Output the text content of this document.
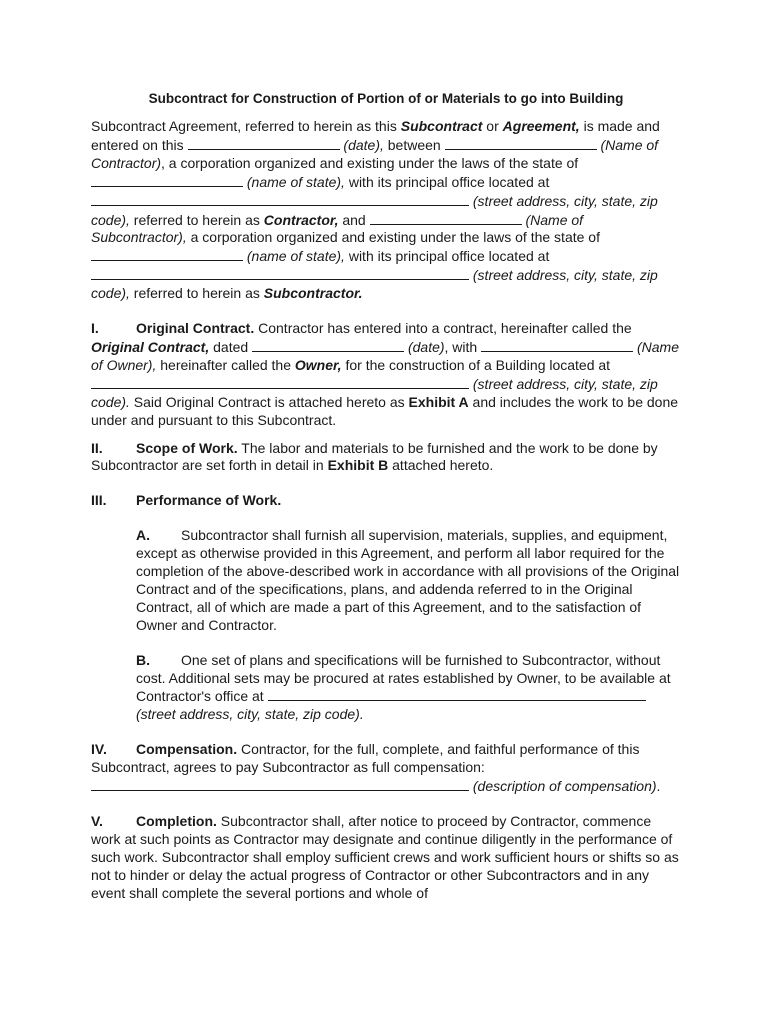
Subcontract for Construction of Portion of or Materials to go into Building

Subcontract Agreement, referred to herein as this Subcontract or Agreement, is made and entered on this	(date), between	(Name of Contractor), a corporation organized and existing under the laws of the state of  (name of state), with its principal office located at  (street address, city, state, zip code), referred to herein as Contractor, and	(Name of Subcontractor), a corporation organized and existing under the laws of the state of  (name of state), with its principal office located at  (street address, city, state, zip code), referred to herein as Subcontractor.

I.	Original Contract. Contractor has entered into a contract, hereinafter called the Original Contract, dated	(date), with	(Name of Owner), hereinafter called the Owner, for the construction of a Building located at  (street address, city, state, zip code). Said Original Contract is attached hereto as Exhibit A and includes the work to be done under and pursuant to this Subcontract.

II. Scope of Work. The labor and materials to be furnished and the work to be done by Subcontractor are set forth in detail in Exhibit B attached hereto.

III. Performance of Work.

A. Subcontractor shall furnish all supervision, materials, supplies, and equipment, except as otherwise provided in this Agreement, and perform all labor required for the completion of the above-described work in accordance with all provisions of the Original Contract and of the specifications, plans, and addenda referred to in the Original Contract, all of which are made a part of this Agreement, and to the satisfaction of Owner and Contractor.

B. One set of plans and specifications will be furnished to Subcontractor, without cost. Additional sets may be procured at rates established by Owner, to be available at Contractor's office at  (street address, city, state, zip code).

IV. Compensation. Contractor, for the full, complete, and faithful performance of this Subcontract, agrees to pay Subcontractor as full compensation:  (description of compensation).

V. Completion. Subcontractor shall, after notice to proceed by Contractor, commence work at such points as Contractor may designate and continue diligently in the performance of such work. Subcontractor shall employ sufficient crews and work sufficient hours or shifts so as not to hinder or delay the actual progress of Contractor or other Subcontractors and in any event shall complete the several portions and whole of
